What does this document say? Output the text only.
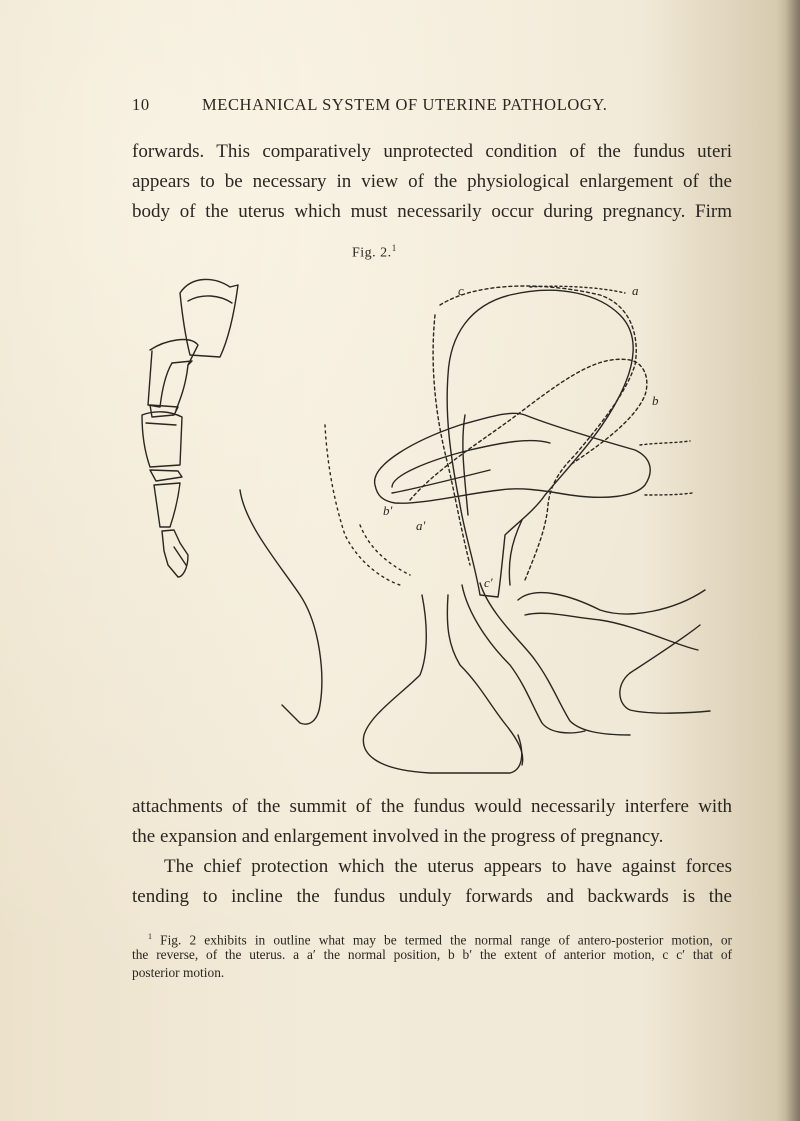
10	MECHANICAL SYSTEM OF UTERINE PATHOLOGY.
forwards. This comparatively unprotected condition of the fundus uteri
appears to be necessary in view of the physiological enlargement of the
body of the uterus which must necessarily occur during pregnancy. Firm
Fig. 2.$^1$
c	a
b
b′
a′
c′
attachments of the summit of the fundus would necessarily interfere with
the expansion and enlargement involved in the progress of pregnancy.
The chief protection which the uterus appears to have against forces
tending to incline the fundus unduly forwards and backwards is the
$^1$ Fig. 2 exhibits in outline what may be termed the normal range of antero-posterior motion, or
the reverse, of the uterus. a a′ the normal position, b b′ the extent of anterior motion, c c′ that of
posterior motion.
